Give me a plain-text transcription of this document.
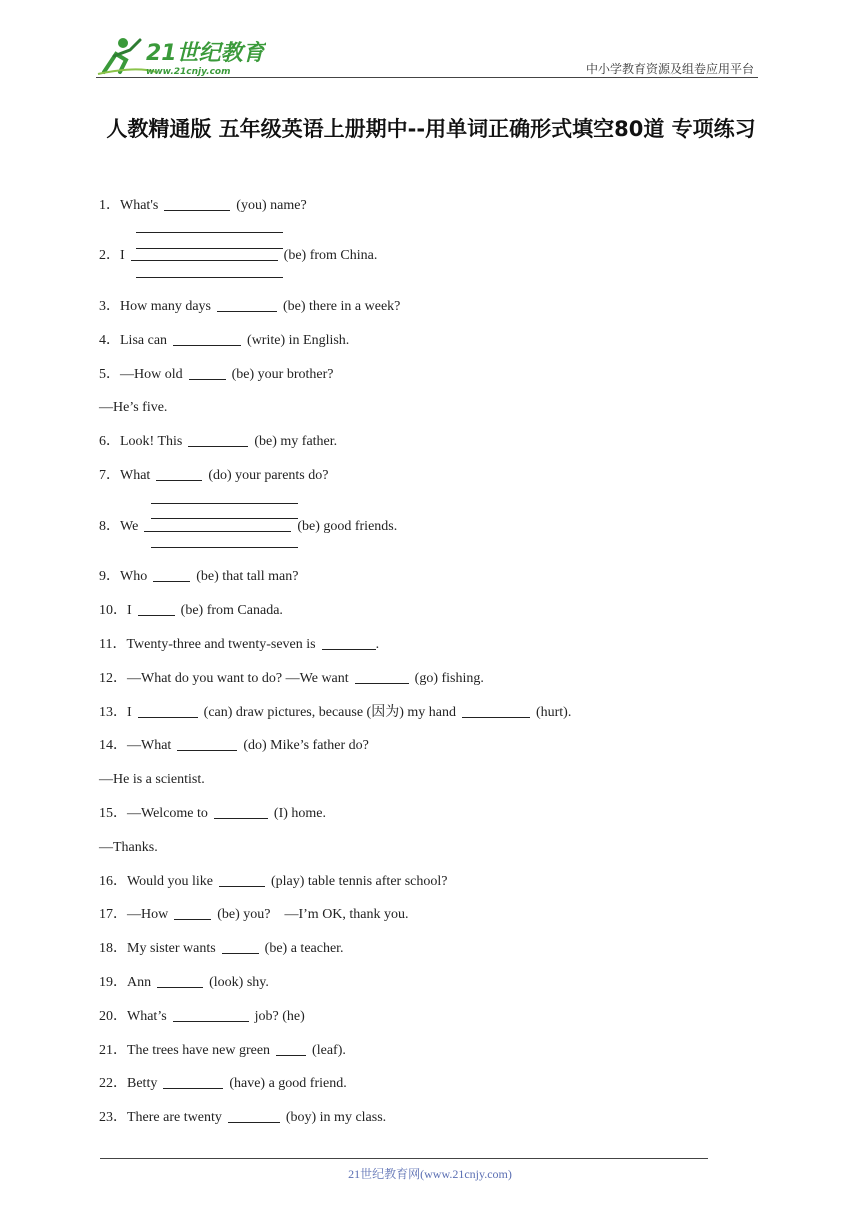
21世纪教育
www.21cnjy.com	中小学教育资源及组卷应用平台
人教精通版 五年级英语上册期中--用单词正确形式填空80道 专项练习
1．What's	(you) name?
2．I	(be) from China.
3．How many days	(be) there in a week?
4．Lisa can	(write) in English.
5．—How old	(be) your brother?
—He’s five.
6．Look! This	(be) my father.
7．What	(do) your parents do?
8．We	(be) good friends.
9．Who	(be) that tall man?
10．I	(be) from Canada.
11．Twenty-three and twenty-seven is	.
12．—What do you want to do? —We want	(go) fishing.
13．I	(can) draw pictures, because (因为) my hand	(hurt).
14．—What	(do) Mike’s father do?
—He is a scientist.
15．—Welcome to	(I) home.
—Thanks.
16．Would you like	(play) table tennis after school?
17．—How	(be) you?　—I’m OK, thank you.
18．My sister wants	(be) a teacher.
19．Ann	(look) shy.
20．What’s	job? (he)
21．The trees have new green	(leaf).
22．Betty	(have) a good friend.
23．There are twenty	(boy) in my class.
21世纪教育网(www.21cnjy.com)
